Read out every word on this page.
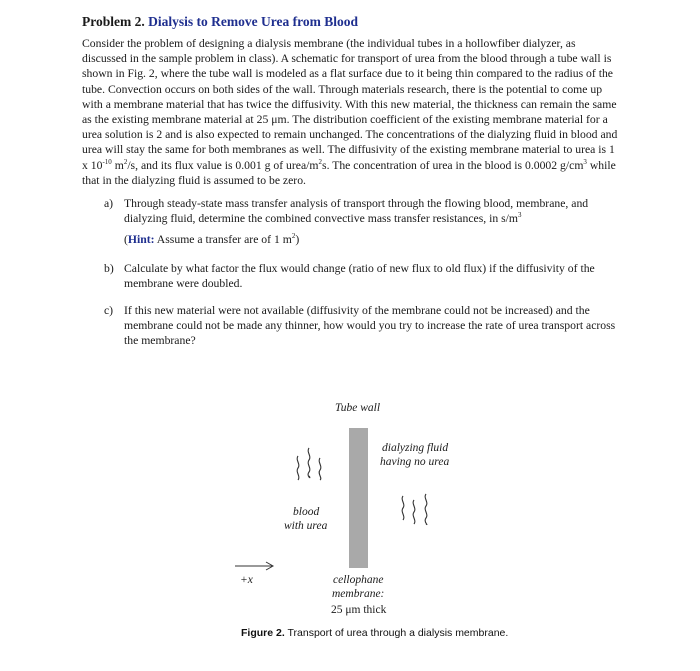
Problem 2. Dialysis to Remove Urea from Blood

Consider the problem of designing a dialysis membrane (the individual tubes in a hollowfiber dialyzer, as discussed in the sample problem in class). A schematic for transport of urea from the blood through a tube wall is shown in Fig. 2, where the tube wall is modeled as a flat surface due to it being thin compared to the radius of the tube. Convection occurs on both sides of the wall. Through materials research, there is the potential to come up with a membrane material that has twice the diffusivity. With this new material, the thickness can remain the same as the existing membrane material at 25 μm. The distribution coefficient of the existing membrane material for a urea solution is 2 and is also expected to remain unchanged. The concentrations of the dialyzing fluid in blood and urea will stay the same for both membranes as well. The diffusivity of the existing membrane material to urea is 1 x $10^{-10}$ $m^2/s$, and its flux value is 0.001 g of urea/$m^2s$. The concentration of urea in the blood is 0.0002 $g/cm^3$ while that in the dialyzing fluid is assumed to be zero.

a) Through steady-state mass transfer analysis of transport through the flowing blood, membrane, and dialyzing fluid, determine the combined convective mass transfer resistances, in $s/m^3$
(Hint: Assume a transfer are of 1 $m^2$)
b) Calculate by what factor the flux would change (ratio of new flux to old flux) if the diffusivity of the membrane were doubled.
c) If this new material were not available (diffusivity of the membrane could not be increased) and the membrane could not be made any thinner, how would you try to increase the rate of urea transport across the membrane?
Tube wall
dialyzing fluid
having no urea
blood
with urea
+x	cellophane
membrane:
25 μm thick
Figure 2. Transport of urea through a dialysis membrane.
